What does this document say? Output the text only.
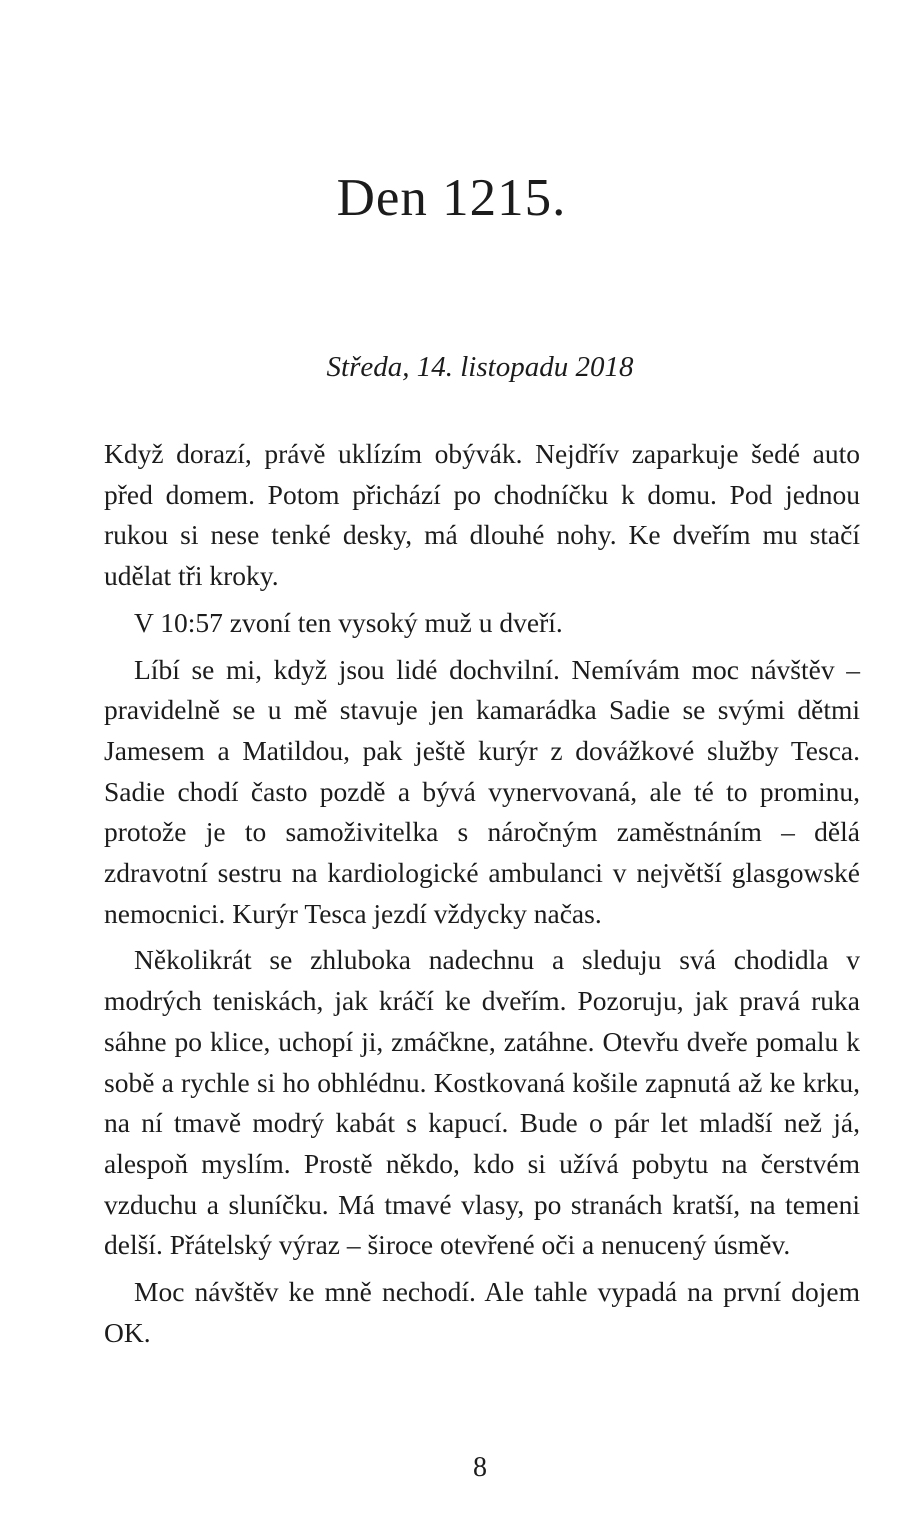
Den 1215.

Středa, 14. listopadu 2018

Když dorazí, právě uklízím obývák. Nejdřív zaparkuje šedé auto před domem. Potom přichází po chodníčku k domu. Pod jednou rukou si nese tenké desky, má dlouhé nohy. Ke dveřím mu stačí udělat tři kroky.

V 10:57 zvoní ten vysoký muž u dveří.

Líbí se mi, když jsou lidé dochvilní. Nemívám moc návštěv – pravidelně se u mě stavuje jen kamarádka Sadie se svými dětmi Jamesem a Matildou, pak ještě kurýr z dovážkové služby Tesca. Sadie chodí často pozdě a bývá vynervovaná, ale té to prominu, protože je to samoživitelka s náročným zaměstnáním – dělá zdravotní sestru na kardiologické ambulanci v největší glasgowské nemocnici. Kurýr Tesca jezdí vždycky načas.

Několikrát se zhluboka nadechnu a sleduju svá chodidla v modrých teniskách, jak kráčí ke dveřím. Pozoruju, jak pravá ruka sáhne po klice, uchopí ji, zmáčkne, zatáhne. Otevřu dveře pomalu k sobě a rychle si ho obhlédnu. Kostkovaná košile zapnutá až ke krku, na ní tmavě modrý kabát s kapucí. Bude o pár let mladší než já, alespoň myslím. Prostě někdo, kdo si užívá pobytu na čerstvém vzduchu a sluníčku. Má tmavé vlasy, po stranách kratší, na temeni delší. Přátelský výraz – široce otevřené oči a nenucený úsměv.

Moc návštěv ke mně nechodí. Ale tahle vypadá na první dojem OK.

8
